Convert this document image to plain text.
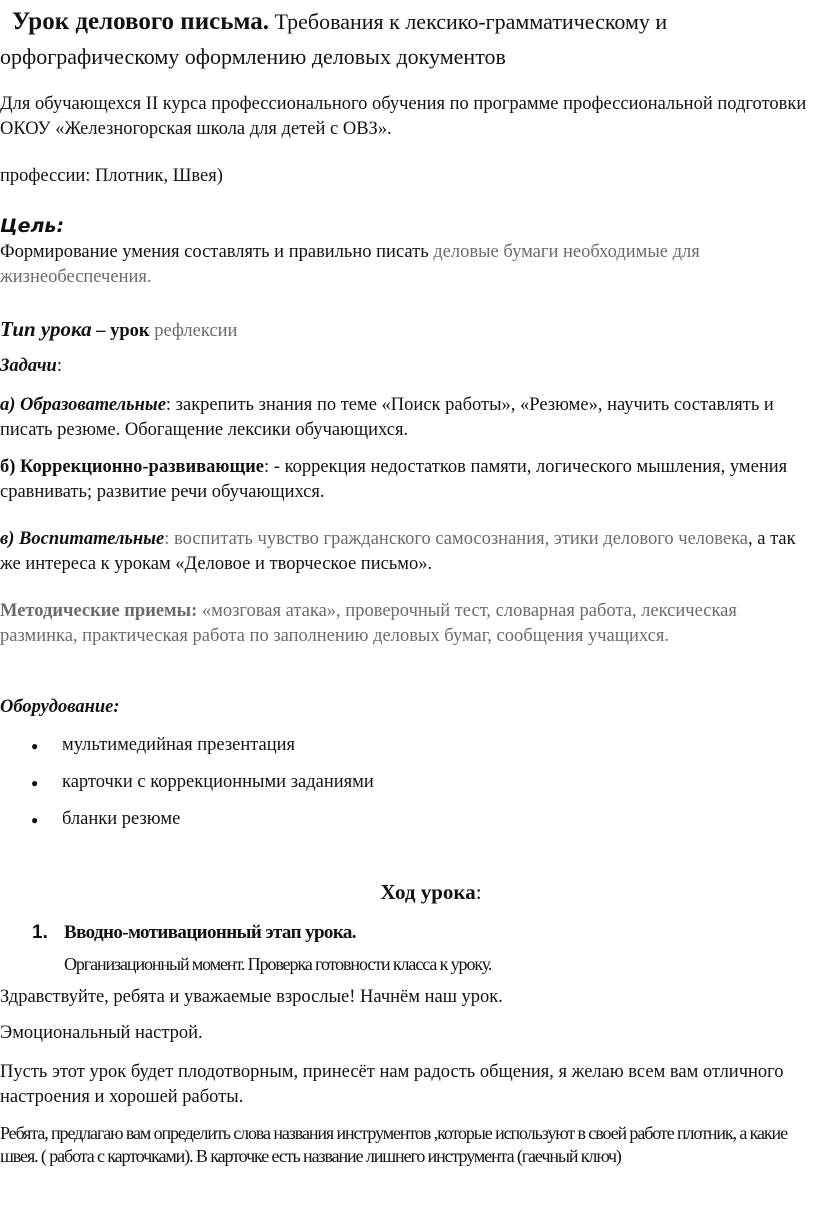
Урок делового письма. Требования к лексико-грамматическому и орфографическому оформлению деловых документов

Для обучающехся II курса профессионального обучения по программе профессиональной подготовки ОКОУ «Железногорская школа для детей с ОВЗ».

профессии: Плотник, Швея)

Цель:

Формирование умения составлять и правильно писать деловые бумаги необходимые для жизнеобеспечения.

Тип урока – урок рефлексии

Задачи:

а) Образовательные: закрепить знания по теме «Поиск работы», «Резюме», научить составлять и писать резюме. Обогащение лексики обучающихся.

б) Коррекционно-развивающие: - коррекция недостатков памяти, логического мышления, умения сравнивать; развитие речи обучающихся.

в) Воспитательные: воспитать чувство гражданского самосознания, этики делового человека, а так же интереса к урокам «Деловое и творческое письмо».

Методические приемы: «мозговая атака», проверочный тест, словарная работа, лексическая разминка, практическая работа по заполнению деловых бумаг, сообщения учащихся.

Оборудование:

● мультимедийная презентация
● карточки с коррекционными заданиями
● бланки резюме

Ход урока:

1. Вводно-мотивационный этап урока.

Организационный момент. Проверка готовности класса к уроку.

Здравствуйте, ребята и уважаемые взрослые! Начнём наш урок.

Эмоциональный настрой.

Пусть этот урок будет плодотворным, принесёт нам радость общения, я желаю всем вам отличного настроения и хорошей работы.

Ребята, предлагаю вам определить слова названия инструментов ,которые используют в своей работе плотник, а какие швея. ( работа с карточками). В карточке есть название лишнего инструмента (гаечный ключ)
